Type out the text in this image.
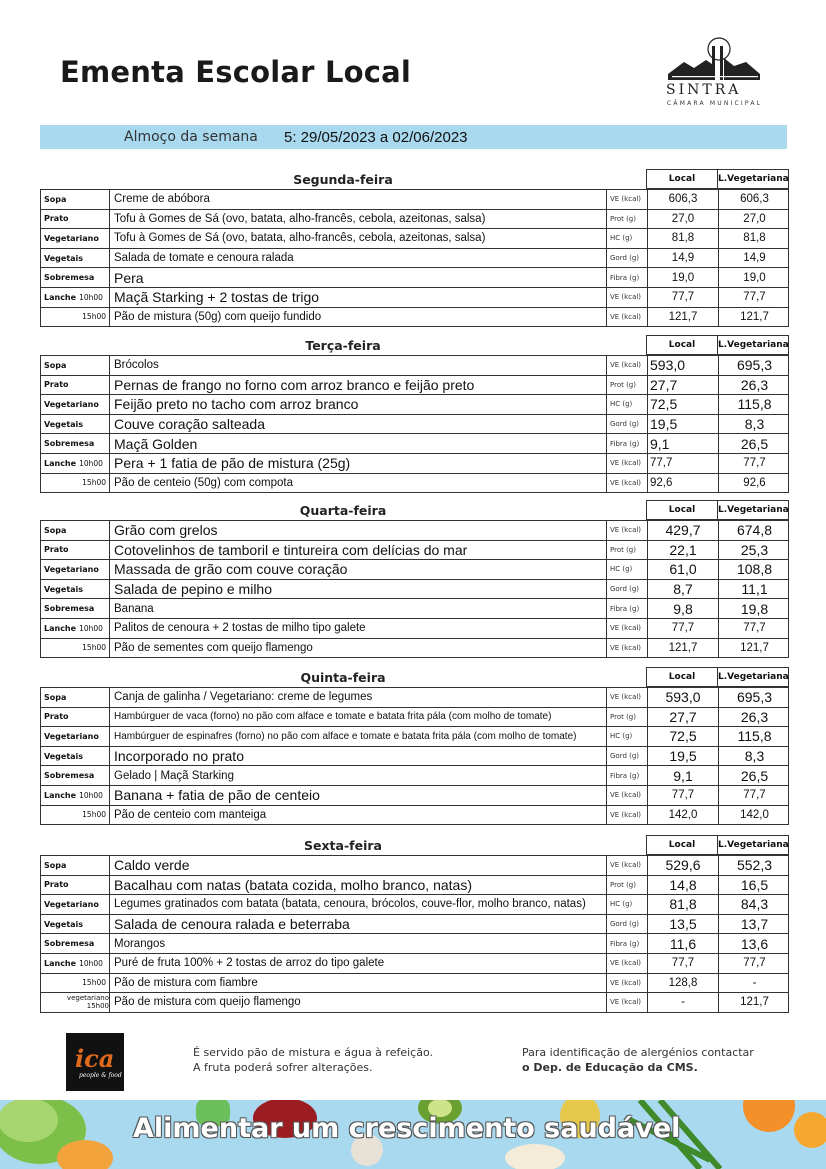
Ementa Escolar Local
SINTRA
CÂMARA MUNICIPAL
Almoço da semana 5: 29/05/2023 a 02/06/2023
Segunda-feira	Local	L.Vegetariana
Sopa	Creme de abóbora	VE (kcal)	606,3	606,3
Prato	Tofu à Gomes de Sá (ovo, batata, alho-francês, cebola, azeitonas, salsa)	Prot (g)	27,0	27,0
Vegetariano	Tofu à Gomes de Sá (ovo, batata, alho-francês, cebola, azeitonas, salsa)	HC (g)	81,8	81,8
Vegetais	Salada de tomate e cenoura ralada	Gord (g)	14,9	14,9
Sobremesa	Pera	Fibra (g)	19,0	19,0
Lanche 10h00 Maçã Starking + 2 tostas de trigo	VE (kcal)	77,7	77,7
15h00 Pão de mistura (50g) com queijo fundido	VE (kcal)	121,7	121,7
Terça-feira	Local	L.Vegetariana
Sopa	Brócolos	VE (kcal) 593,0	695,3
Prato	Pernas de frango no forno com arroz branco e feijão preto	Prot (g)	27,7	26,3
Vegetariano	Feijão preto no tacho com arroz branco	HC (g)	72,5	115,8
Vegetais	Couve coração salteada	Gord (g) 19,5	8,3
Sobremesa	Maçã Golden	Fibra (g) 9,1	26,5
Lanche 10h00 Pera + 1 fatia de pão de mistura (25g)	VE (kcal) 77,7	77,7
15h00 Pão de centeio (50g) com compota	VE (kcal) 92,6	92,6
Quarta-feira	Local	L.Vegetariana
Sopa	Grão com grelos	VE (kcal)	429,7	674,8
Prato	Cotovelinhos de tamboril e tintureira com delícias do mar	Prot (g)	22,1	25,3
Vegetariano	Massada de grão com couve coração	HC (g)	61,0	108,8
Vegetais	Salada de pepino e milho	Gord (g)	8,7	11,1
Sobremesa	Banana	Fibra (g)	9,8	19,8
Lanche 10h00 Palitos de cenoura + 2 tostas de milho tipo galete	VE (kcal)	77,7	77,7
15h00 Pão de sementes com queijo flamengo	VE (kcal)	121,7	121,7
Quinta-feira	Local	L.Vegetariana
Sopa	Canja de galinha / Vegetariano: creme de legumes	VE (kcal)	593,0	695,3
Prato	Hambúrguer de vaca (forno) no pão com alface e tomate e batata frita pála (com molho de tomate)	Prot (g)	27,7	26,3
Vegetariano	Hambúrguer de espinafres (forno) no pão com alface e tomate e batata frita pála (com molho de tomate)	HC (g)	72,5	115,8
Vegetais	Incorporado no prato	Gord (g)	19,5	8,3
Sobremesa	Gelado | Maçã Starking	Fibra (g)	9,1	26,5
Lanche 10h00 Banana + fatia de pão de centeio	VE (kcal)	77,7	77,7
15h00 Pão de centeio com manteiga	VE (kcal)	142,0	142,0
Sexta-feira	Local	L.Vegetariana
Sopa	Caldo verde	VE (kcal)	529,6	552,3
Prato	Bacalhau com natas (batata cozida, molho branco, natas)	Prot (g)	14,8	16,5
Vegetariano	Legumes gratinados com batata (batata, cenoura, brócolos, couve-flor, molho branco, natas)	HC (g)	81,8	84,3
Vegetais	Salada de cenoura ralada e beterraba	Gord (g)	13,5	13,7
Sobremesa	Morangos	Fibra (g)	11,6	13,6
Lanche 10h00 Puré de fruta 100% + 2 tostas de arroz do tipo galete	VE (kcal)	77,7	77,7
15h00 Pão de mistura com fiambre	VE (kcal)	128,8	-
vegetariano
15h00 Pão de mistura com queijo flamengo	VE (kcal)	-	121,7
ica
people & food
É servido pão de mistura e água à refeição.
A fruta poderá sofrer alterações.
Para identificação de alergénios contactar
o Dep. de Educação da CMS.
Alimentar um crescimento saudável
